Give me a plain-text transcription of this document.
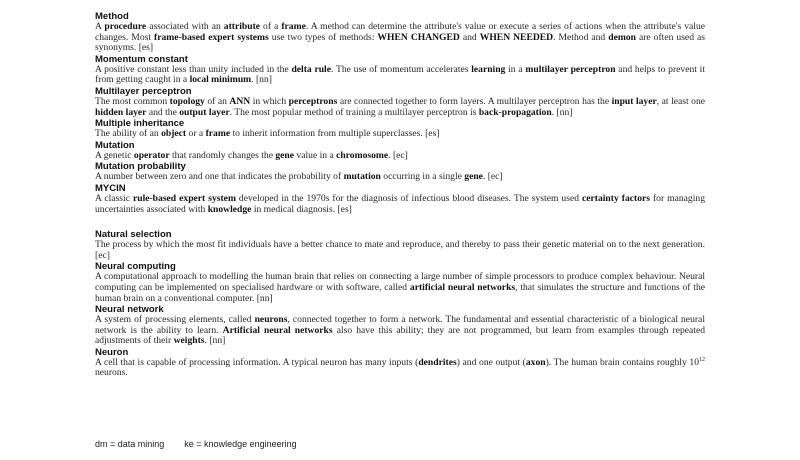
Method
A procedure associated with an attribute of a frame. A method can determine the attribute's value or execute a series of actions when the attribute's value changes. Most frame-based expert systems use two types of methods: WHEN CHANGED and WHEN NEEDED. Method and demon are often used as synonyms. [es]
Momentum constant
A positive constant less than unity included in the delta rule. The use of momentum accelerates learning in a multilayer perceptron and helps to prevent it from getting caught in a local minimum. [nn]
Multilayer perceptron
The most common topology of an ANN in which perceptrons are connected together to form layers. A multilayer perceptron has the input layer, at least one hidden layer and the output layer. The most popular method of training a multilayer perceptron is back-propagation. [nn]
Multiple inheritance
The ability of an object or a frame to inherit information from multiple superclasses. [es]
Mutation
A genetic operator that randomly changes the gene value in a chromosome. [ec]
Mutation probability
A number between zero and one that indicates the probability of mutation occurring in a single gene. [ec]
MYCIN
A classic rule-based expert system developed in the 1970s for the diagnosis of infectious blood diseases. The system used certainty factors for managing uncertainties associated with knowledge in medical diagnosis. [es]
Natural selection
The process by which the most fit individuals have a better chance to mate and reproduce, and thereby to pass their genetic material on to the next generation. [ec]
Neural computing
A computational approach to modelling the human brain that relies on connecting a large number of simple processors to produce complex behaviour. Neural computing can be implemented on specialised hardware or with software, called artificial neural networks, that simulates the structure and functions of the human brain on a conventional computer. [nn]
Neural network
A system of processing elements, called neurons, connected together to form a network. The fundamental and essential characteristic of a biological neural network is the ability to learn. Artificial neural networks also have this ability; they are not programmed, but learn from examples through repeated adjustments of their weights. [nn]
Neuron
A cell that is capable of processing information. A typical neuron has many inputs (dendrites) and one output (axon). The human brain contains roughly $10^{12}$ neurons.
dm = data mining        ke = knowledge engineering
